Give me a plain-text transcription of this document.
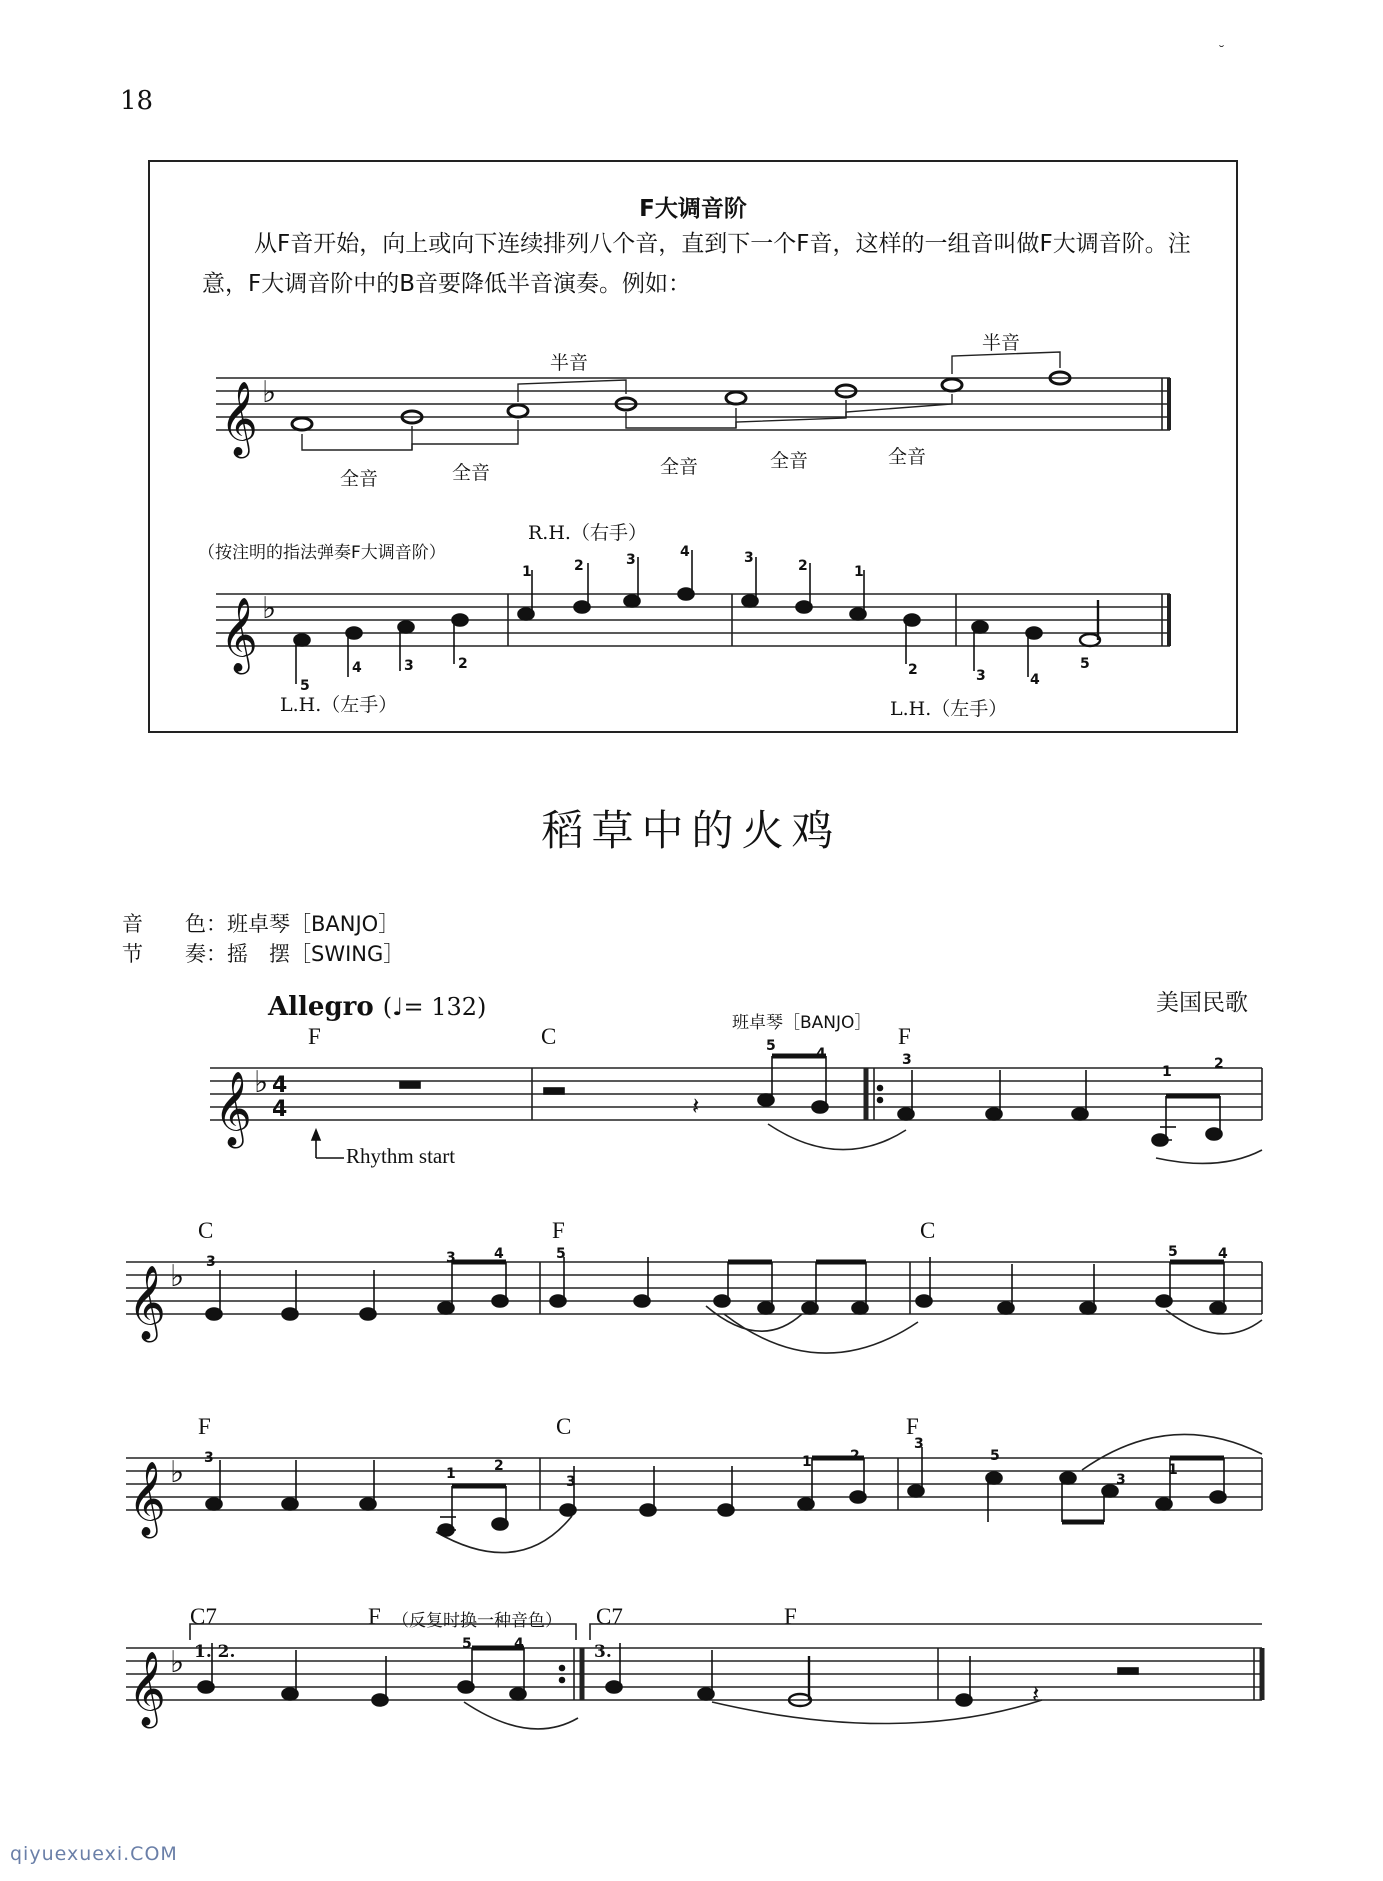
18
˘
F大调音阶
从F音开始，向上或向下连续排列八个音，直到下一个F音，这样的一组音叫做F大调音阶。注意，F大调音阶中的B音要降低半音演奏。例如：
半音
半音
全音	全音	全音	全音	全音
（按注明的指法弹奏F大调音阶）
R.H.（右手）
L.H.（左手）	L.H.（左手）
稻草中的火鸡
音　　色：班卓琴［BANJO］
节　　奏：摇　摆［SWING］
Allegro (♩= 132)	美国民歌
班卓琴［BANJO］
Rhythm start
F	C	F
C	F	C
F	C	F
C7	F （反复时换一种音色） C7	F
1. 2.	3.
qiyuexuexi.COM
𝄞 ♭
𝄞 ♭
𝄞 ♭ 4
4
𝄞 ♭
𝄞 ♭
𝄞 ♭
5
4	3	2
1	2	3	4	3	2	1
2	3	4
5
𝄽
𝄽
5	4	3
1	2
3	3	4	5	5	4
3
1	2
3
1	2
3
5
3
1
5	4
